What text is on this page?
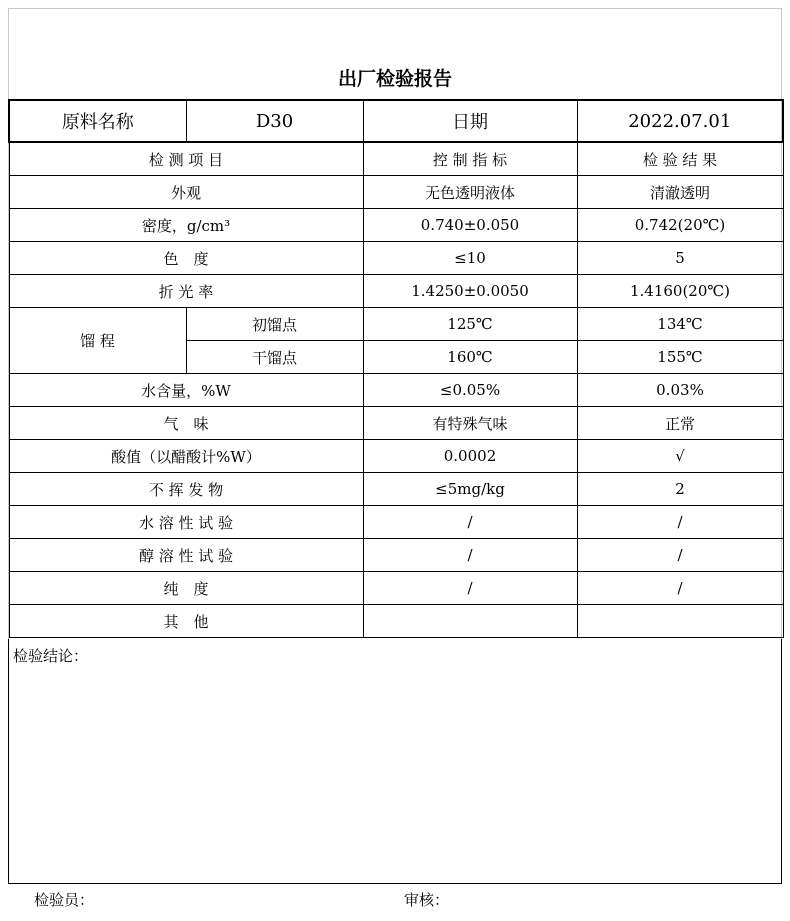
出厂检验报告
原料名称	D30	日期	2022.07.01
检 测 项 目		控 制 指 标	检 验 结 果
外观		无色透明液体	清澈透明
密度，g/cm³		0.740±0.050	0.742(20℃)
色　度		≤10	5
折 光 率		1.4250±0.0050	1.4160(20℃)
馏 程	初馏点	125℃	134℃
	干馏点	160℃	155℃
水含量，%W		≤0.05%	0.03%
气　味		有特殊气味	正常
酸值（以醋酸计%W）		0.0002	√
不 挥 发 物		≤5mg/kg	2
水 溶 性 试 验		/	/
醇 溶 性 试 验		/	/
纯　度		/	/
其　他			
检验结论：
检验员：	审核：
